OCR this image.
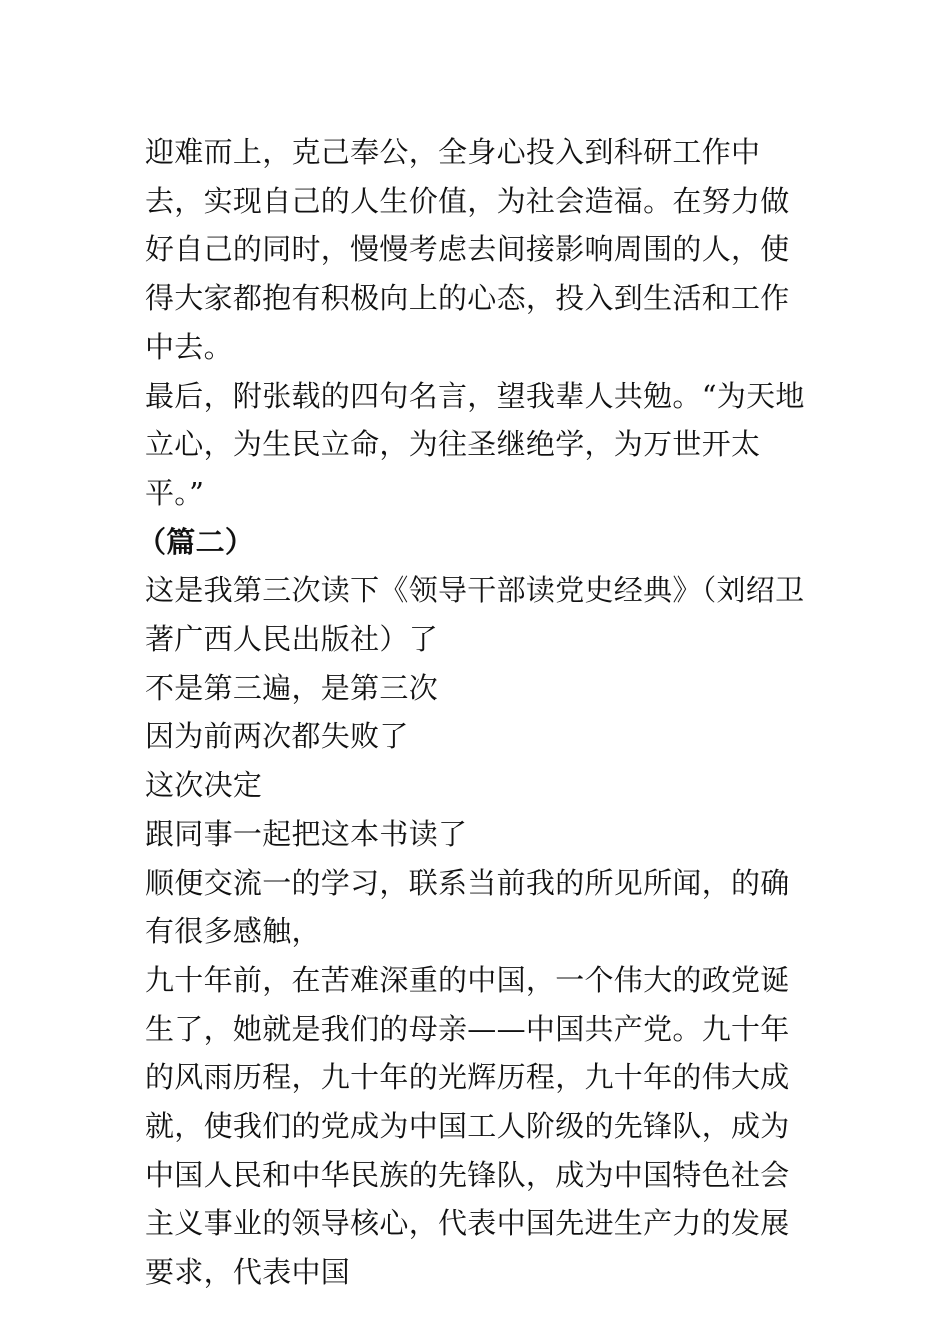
迎难而上，克己奉公，全身心投入到科研工作中去，实现自己的人生价值，为社会造福。在努力做好自己的同时，慢慢考虑去间接影响周围的人，使得大家都抱有积极向上的心态，投入到生活和工作中去。

最后，附张载的四句名言，望我辈人共勉。“为天地立心，为生民立命，为往圣继绝学，为万世开太平。”

（篇二）

这是我第三次读下《领导干部读党史经典》（刘绍卫著广西人民出版社）了

不是第三遍，是第三次

因为前两次都失败了

这次决定

跟同事一起把这本书读了

顺便交流一的学习，联系当前我的所见所闻，的确有很多感触，

九十年前，在苦难深重的中国，一个伟大的政党诞生了，她就是我们的母亲——中国共产党。九十年的风雨历程，九十年的光辉历程，九十年的伟大成就，使我们的党成为中国工人阶级的先锋队，成为中国人民和中华民族的先锋队，成为中国特色社会主义事业的领导核心，代表中国先进生产力的发展要求，代表中国
